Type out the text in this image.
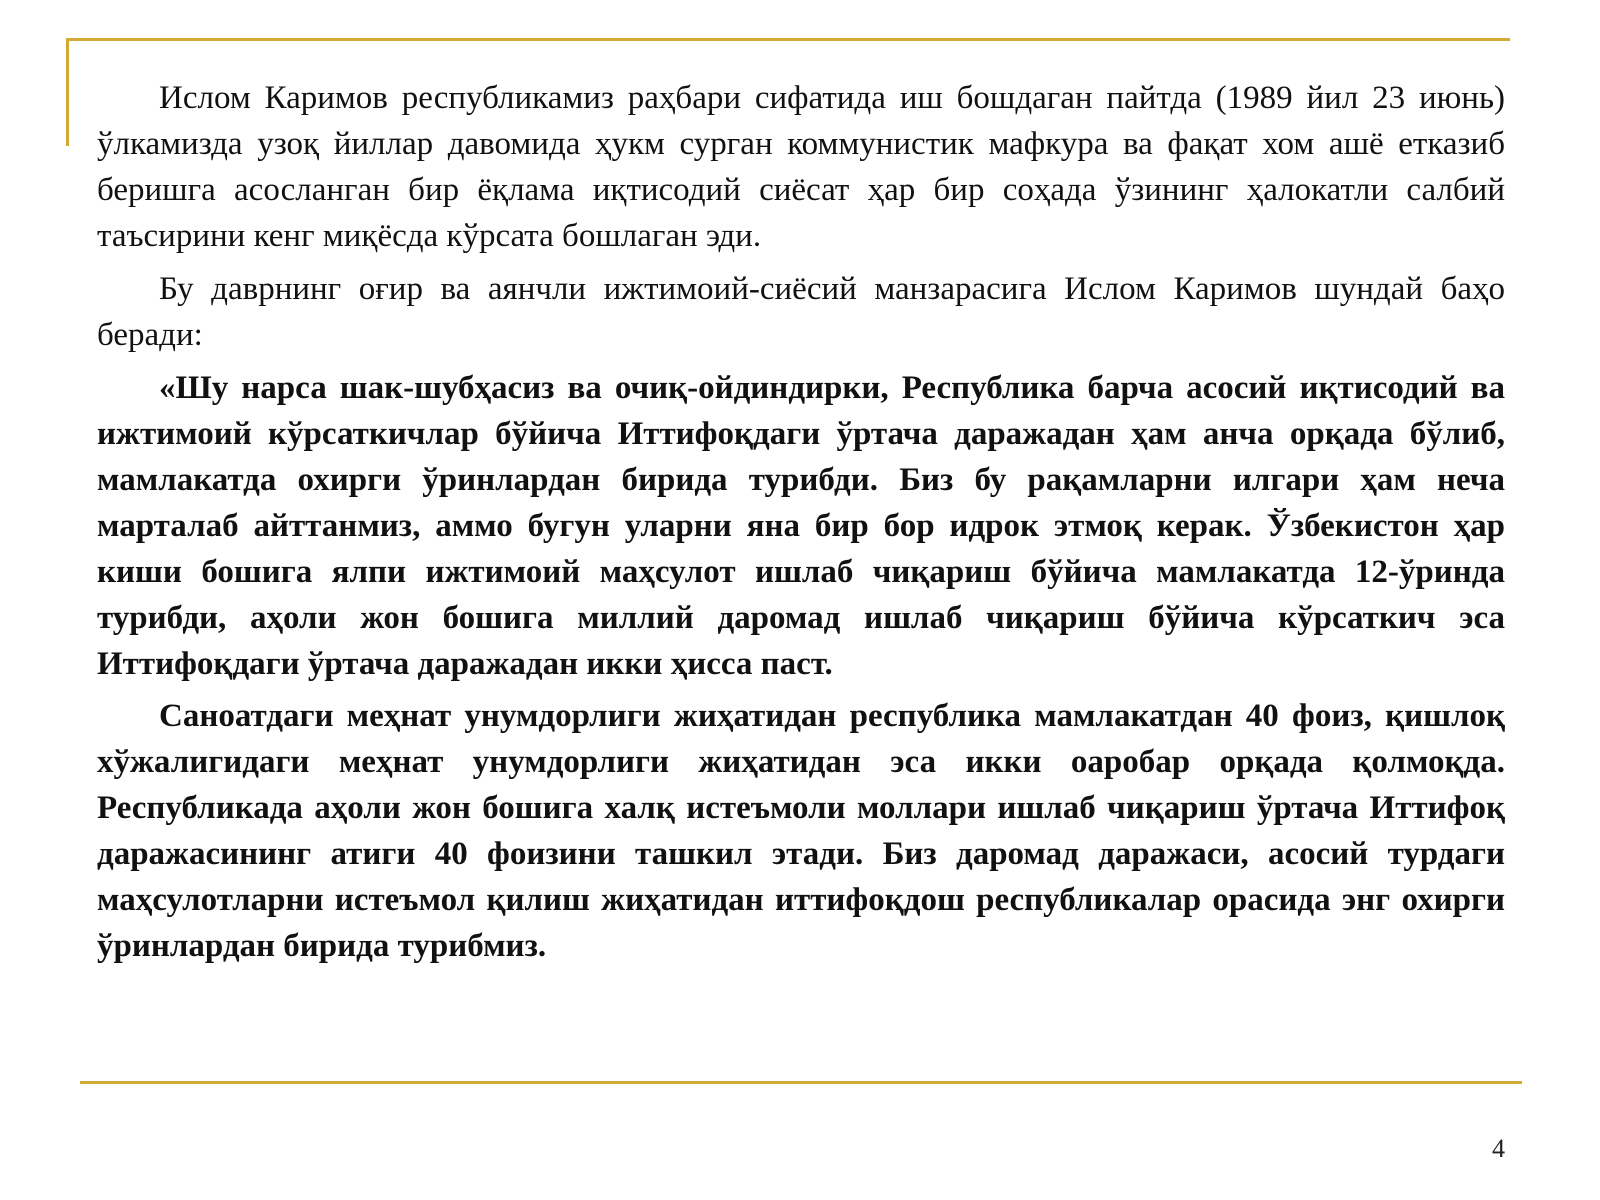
Ислом Каримов республикамиз раҳбари сифатида иш бошдаган пайтда (1989 йил 23 июнь) ўлкамизда узоқ йиллар давомида ҳукм сурган коммунистик мафкура ва фақат хом ашё етказиб беришга асосланган бир ёқлама иқтисодий сиёсат ҳар бир соҳада ўзининг ҳалокатли салбий таъсирини кенг миқёсда кўрсата бошлаган эди.

Бу даврнинг оғир ва аянчли ижтимоий-сиёсий манзарасига Ислом Каримов шундай баҳо беради:

«Шу нарса шак-шубҳасиз ва очиқ-ойдиндирки, Республика барча асосий иқтисодий ва ижтимоий кўрсаткичлар бўйича Иттифоқдаги ўртача даражадан ҳам анча орқада бўлиб, мамлакатда охирги ўринлардан бирида турибди. Биз бу рақамларни илгари ҳам неча марталаб айттанмиз, аммо бугун уларни яна бир бор идрок этмоқ керак. Ўзбекистон ҳар киши бошига ялпи ижтимоий маҳсулот ишлаб чиқариш бўйича мамлакатда 12-ўринда турибди, аҳоли жон бошига миллий даромад ишлаб чиқариш бўйича кўрсаткич эса Иттифоқдаги ўртача даражадан икки ҳисса паст.

Саноатдаги меҳнат унумдорлиги жиҳатидан республика мамлакатдан 40 фоиз, қишлоқ хўжалигидаги меҳнат унумдорлиги жиҳатидан эса икки оаробар орқада қолмоқда. Республикада аҳоли жон бошига халқ истеъмоли моллари ишлаб чиқариш ўртача Иттифоқ даражасининг атиги 40 фоизини ташкил этади. Биз даромад даражаси, асосий турдаги маҳсулотларни истеъмол қилиш жиҳатидан иттифоқдош республикалар орасида энг охирги ўринлардан бирида турибмиз.

4
